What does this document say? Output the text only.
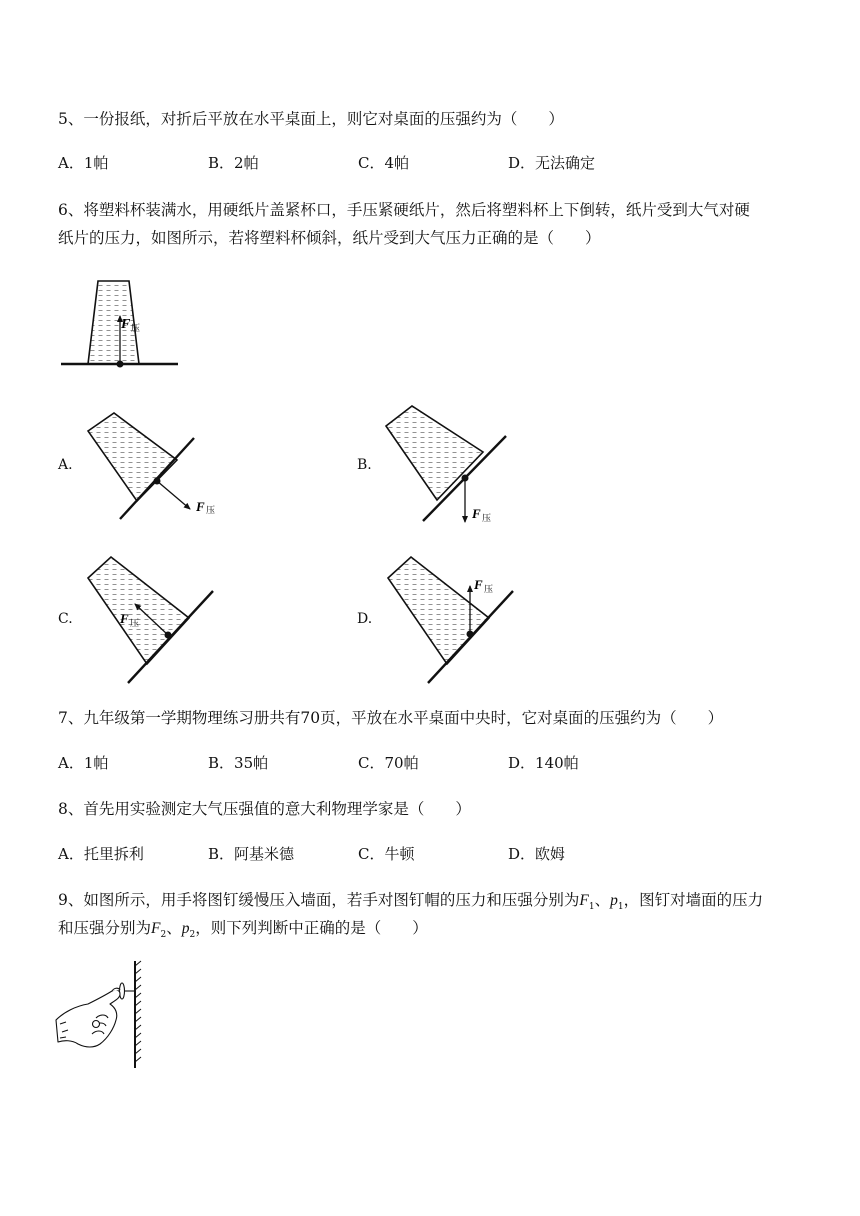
5、一份报纸，对折后平放在水平桌面上，则它对桌面的压强约为（　　）
A．1帕	B．2帕	C．4帕	D．无法确定
6、将塑料杯装满水，用硬纸片盖紧杯口，手压紧硬纸片，然后将塑料杯上下倒转，纸片受到大气对硬
纸片的压力，如图所示，若将塑料杯倾斜，纸片受到大气压力正确的是（　　）
F 压
A.
F 压
B.
F 压
C.	F 压	D.
F 压
7、九年级第一学期物理练习册共有70页，平放在水平桌面中央时，它对桌面的压强约为（　　）
A．1帕	B．35帕	C．70帕	D．140帕
8、首先用实验测定大气压强值的意大利物理学家是（　　）
A．托里拆利	B．阿基米德	C．牛顿	D．欧姆
9、如图所示，用手将图钉缓慢压入墙面，若手对图钉帽的压力和压强分别为$F_1$、$p_1$，图钉对墙面的压力
和压强分别为$F_2$、$p_2$，则下列判断中正确的是（　　）
